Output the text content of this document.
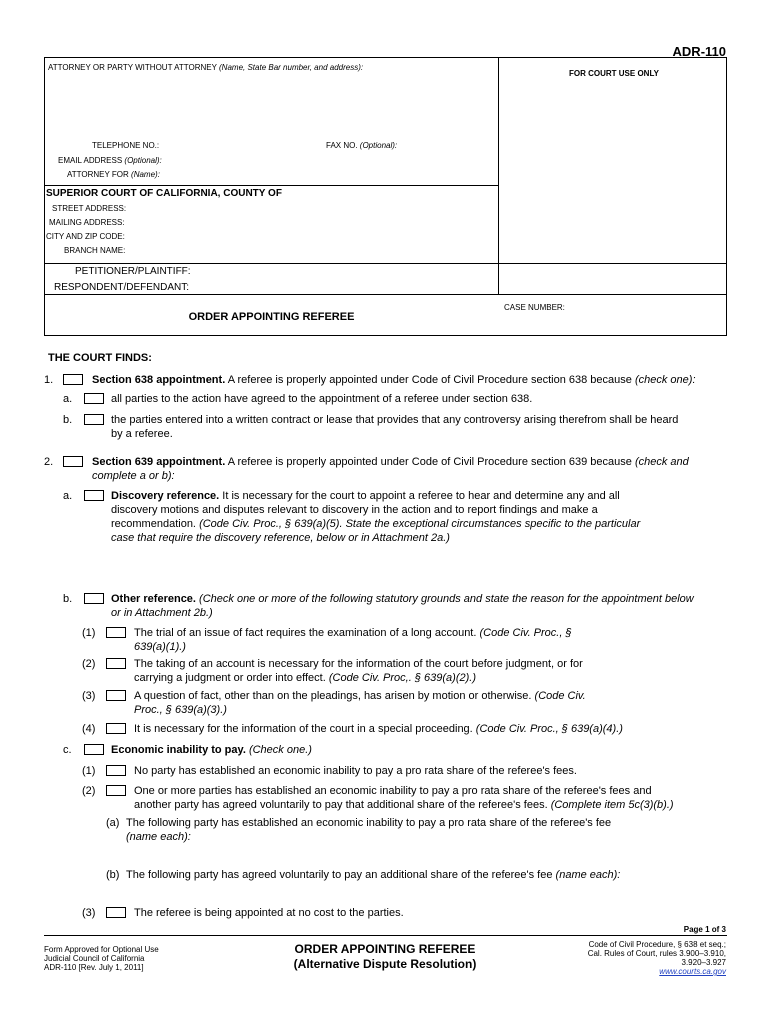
ADR-110
ATTORNEY OR PARTY WITHOUT ATTORNEY (Name, State Bar number, and address):
FOR COURT USE ONLY
TELEPHONE NO.:	FAX NO. (Optional):
EMAIL ADDRESS (Optional):
ATTORNEY FOR (Name):
SUPERIOR COURT OF CALIFORNIA, COUNTY OF
STREET ADDRESS:
MAILING ADDRESS:
CITY AND ZIP CODE:
BRANCH NAME:
PETITIONER/PLAINTIFF:
RESPONDENT/DEFENDANT:
ORDER APPOINTING REFEREE
CASE NUMBER:
THE COURT FINDS:
1.	Section 638 appointment. A referee is properly appointed under Code of Civil Procedure section 638 because (check one):
a.	all parties to the action have agreed to the appointment of a referee under section 638.
b.	the parties entered into a written contract or lease that provides that any controversy arising therefrom shall be heard
by a referee.
2.	Section 639 appointment. A referee is properly appointed under Code of Civil Procedure section 639 because (check and
complete a or b):
a.	Discovery reference. It is necessary for the court to appoint a referee to hear and determine any and all
discovery motions and disputes relevant to discovery in the action and to report findings and make a
recommendation. (Code Civ. Proc., § 639(a)(5). State the exceptional circumstances specific to the particular
case that require the discovery reference, below or in Attachment 2a.)
b.	Other reference. (Check one or more of the following statutory grounds and state the reason for the appointment below
or in Attachment 2b.)
(1)	The trial of an issue of fact requires the examination of a long account. (Code Civ. Proc., §
639(a)(1).)
(2)	The taking of an account is necessary for the information of the court before judgment, or for
carrying a judgment or order into effect. (Code Civ. Proc,. § 639(a)(2).)
(3)	A question of fact, other than on the pleadings, has arisen by motion or otherwise. (Code Civ.
Proc., § 639(a)(3).)
(4)	It is necessary for the information of the court in a special proceeding. (Code Civ. Proc., § 639(a)(4).)
c.	Economic inability to pay. (Check one.)
(1)	No party has established an economic inability to pay a pro rata share of the referee's fees.
(2)	One or more parties has established an economic inability to pay a pro rata share of the referee's fees and
another party has agreed voluntarily to pay that additional share of the referee's fees. (Complete item 5c(3)(b).)
(a) The following party has established an economic inability to pay a pro rata share of the referee's fee
(name each):
(b) The following party has agreed voluntarily to pay an additional share of the referee's fee (name each):
(3)	The referee is being appointed at no cost to the parties.
Page 1 of 3
Form Approved for Optional Use
Judicial Council of California
ADR-110 [Rev. July 1, 2011]
ORDER APPOINTING REFEREE
(Alternative Dispute Resolution)
Code of Civil Procedure, § 638 et seq.;
Cal. Rules of Court, rules 3.900–3.910,
3.920–3.927
www.courts.ca.gov
